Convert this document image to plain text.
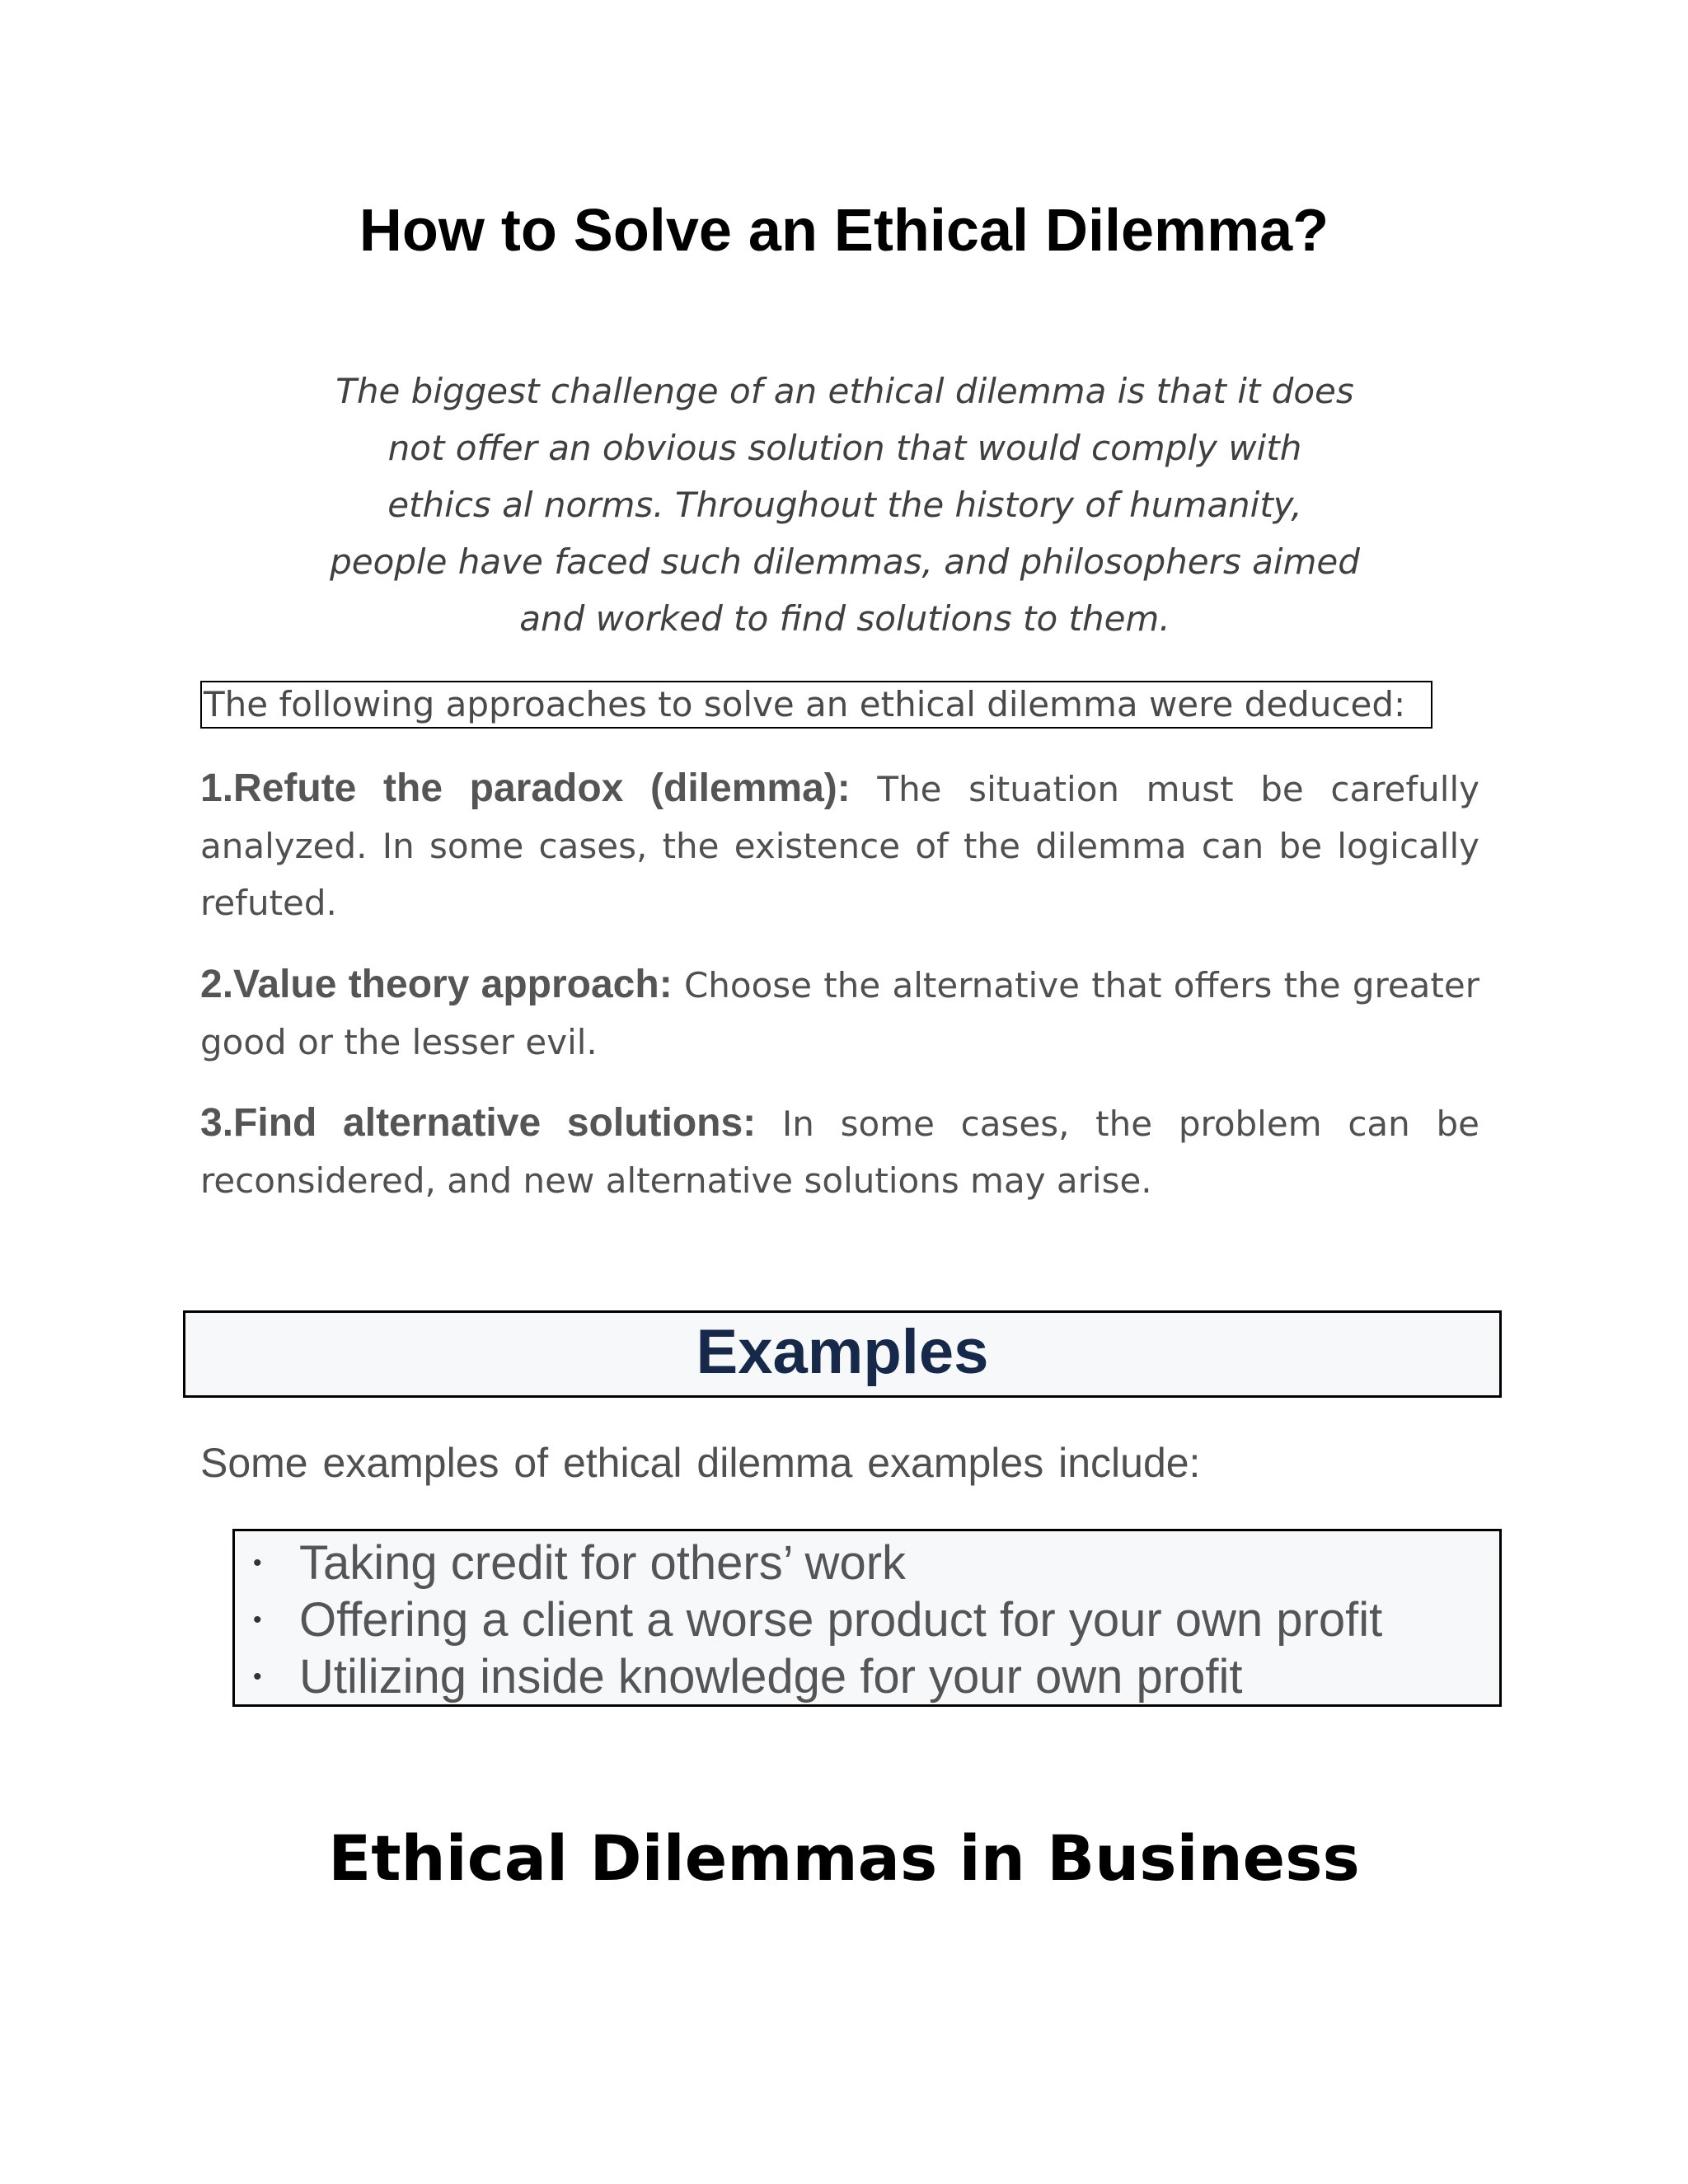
How to Solve an Ethical Dilemma?

The biggest challenge of an ethical dilemma is that it does
not offer an obvious solution that would comply with
ethics al norms. Throughout the history of humanity,
people have faced such dilemmas, and philosophers aimed
and worked to find solutions to them.

The following approaches to solve an ethical dilemma were deduced:

1.Refute the paradox (dilemma): The situation must be carefully analyzed. In some cases, the existence of the dilemma can be logically refuted.

2.Value theory approach: Choose the alternative that offers the greater good or the lesser evil.

3.Find alternative solutions: In some cases, the problem can be reconsidered, and new alternative solutions may arise.

Examples

Some examples of ethical dilemma examples include:

• Taking credit for others’ work
• Offering a client a worse product for your own profit
• Utilizing inside knowledge for your own profit
Ethical Dilemmas in Business
